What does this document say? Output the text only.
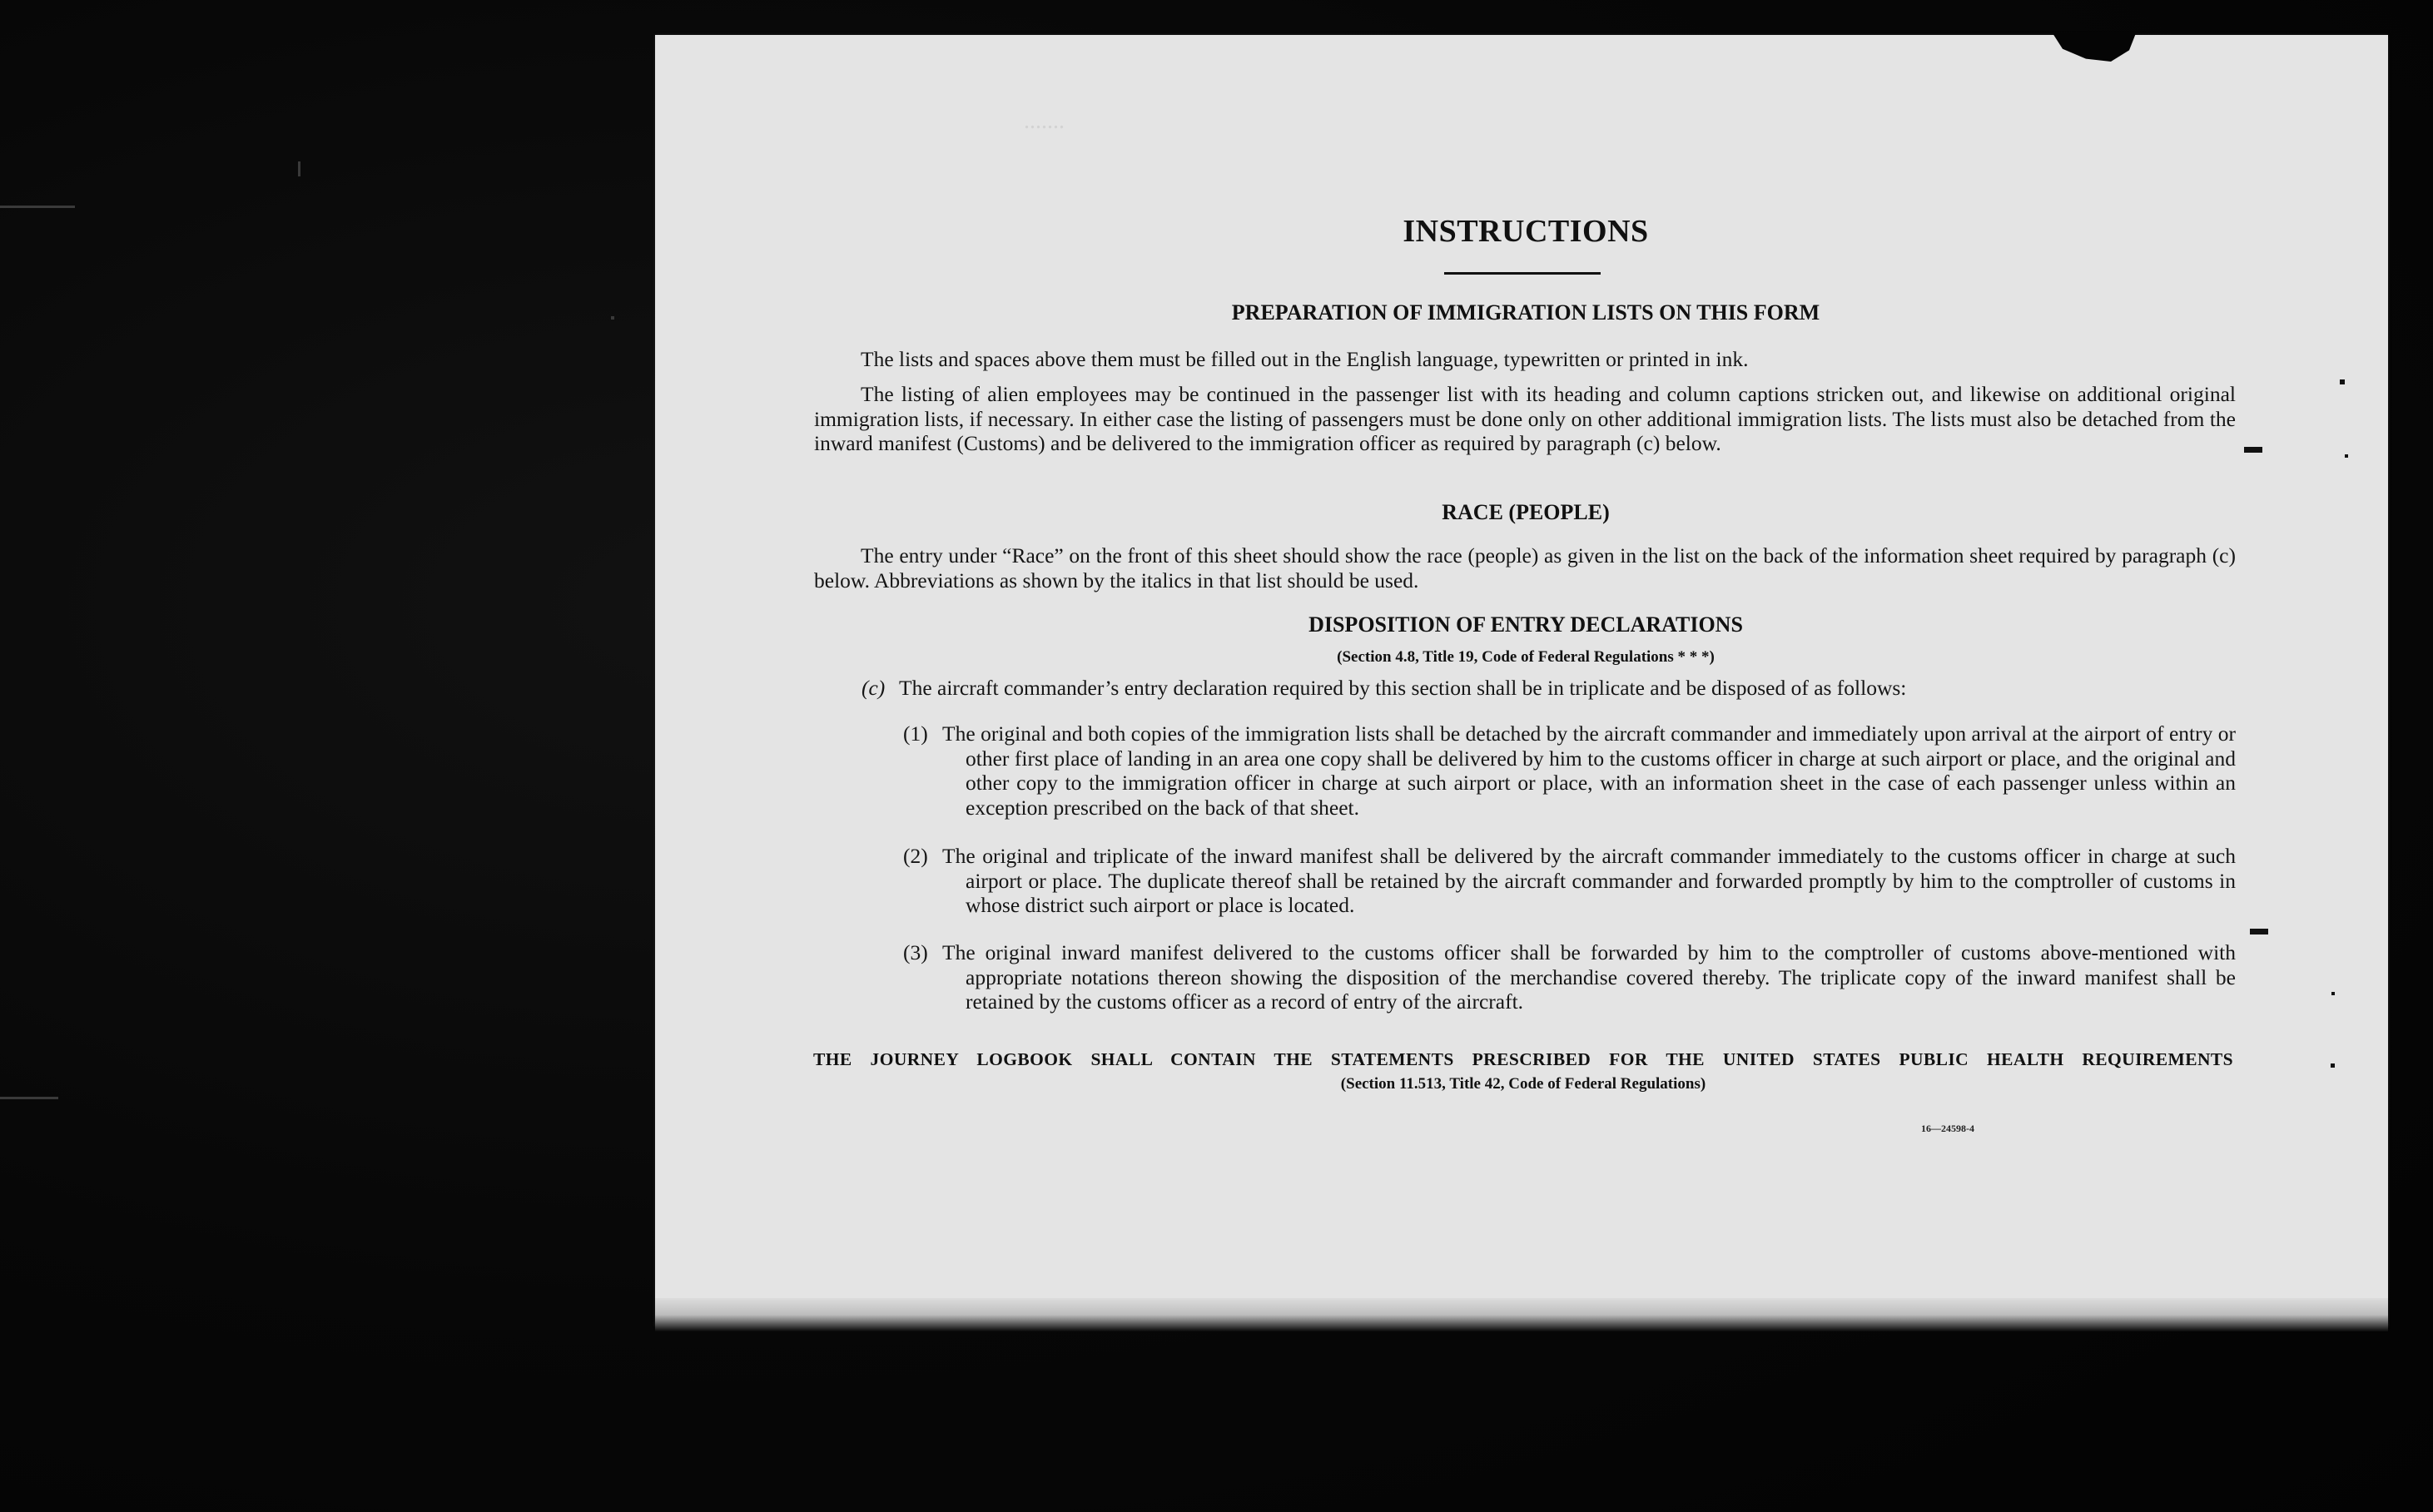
.......
INSTRUCTIONS
PREPARATION OF IMMIGRATION LISTS ON THIS FORM
The lists and spaces above them must be filled out in the English language, typewritten or printed in ink.
The listing of alien employees may be continued in the passenger list with its heading and column captions stricken out, and likewise on additional original immigration lists, if necessary. In either case the listing of passengers must be done only on other additional immigration lists. The lists must also be detached from the inward manifest (Customs) and be delivered to the immigration officer as required by paragraph (c) below.
RACE (PEOPLE)
The entry under “Race” on the front of this sheet should show the race (people) as given in the list on the back of the information sheet required by paragraph (c) below. Abbreviations as shown by the italics in that list should be used.
DISPOSITION OF ENTRY DECLARATIONS
(Section 4.8, Title 19, Code of Federal Regulations * * *)
(c) The aircraft commander’s entry declaration required by this section shall be in triplicate and be disposed of as follows:
(1) The original and both copies of the immigration lists shall be detached by the aircraft commander and immediately upon arrival at the airport of entry or other first place of landing in an area one copy shall be delivered by him to the customs officer in charge at such airport or place, and the original and other copy to the immigration officer in charge at such airport or place, with an information sheet in the case of each passenger unless within an exception prescribed on the back of that sheet.
(2) The original and triplicate of the inward manifest shall be delivered by the aircraft commander immediately to the customs officer in charge at such airport or place. The duplicate thereof shall be retained by the aircraft commander and forwarded promptly by him to the comptroller of customs in whose district such airport or place is located.
(3) The original inward manifest delivered to the customs officer shall be forwarded by him to the comptroller of customs above-mentioned with appropriate notations thereon showing the disposition of the merchandise covered thereby. The triplicate copy of the inward manifest shall be retained by the customs officer as a record of entry of the aircraft.
THE JOURNEY LOGBOOK SHALL CONTAIN THE STATEMENTS PRESCRIBED FOR THE UNITED STATES PUBLIC HEALTH REQUIREMENTS
(Section 11.513, Title 42, Code of Federal Regulations)
16—24598-4
